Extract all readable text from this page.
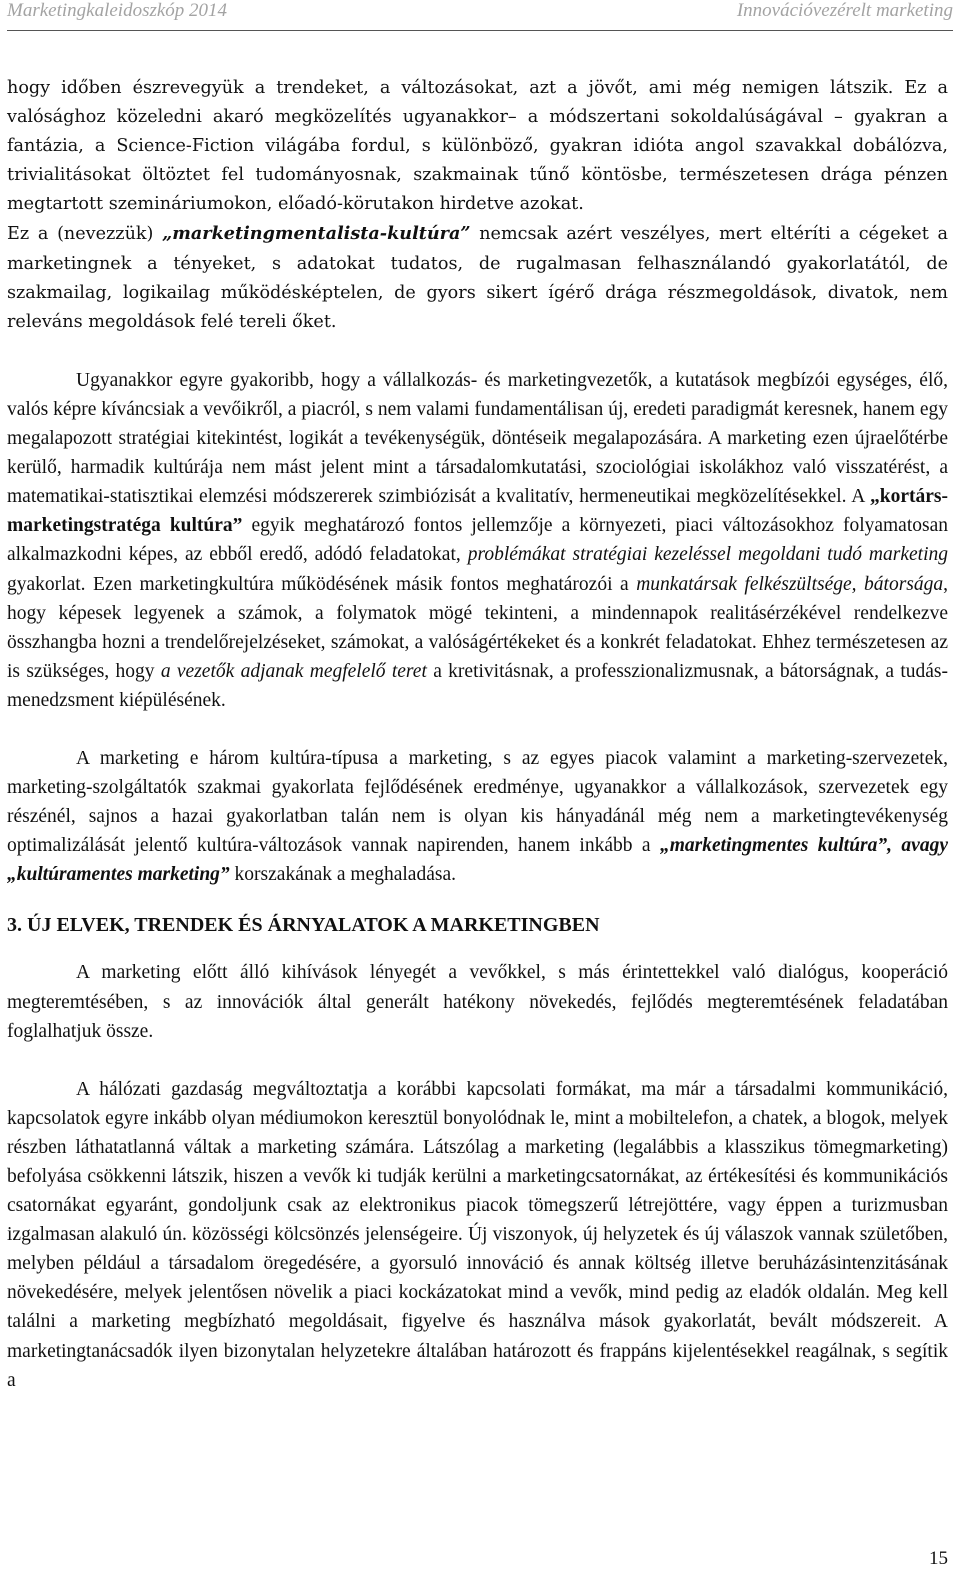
Marketingkaleidoszkóp 2014	Innovációvezérelt marketing

hogy időben észrevegyük a trendeket, a változásokat, azt a jövőt, ami még nemigen látszik. Ez a valósághoz közeledni akaró megközelítés ugyanakkor– a módszertani sokoldalúságával – gyakran a fantázia, a Science-Fiction világába fordul, s különböző, gyakran idióta angol szavakkal dobálózva, trivialitásokat öltöztet fel tudományosnak, szakmainak tűnő köntösbe, természetesen drága pénzen megtartott szemináriumokon, előadó-körutakon hirdetve azokat.

Ez a (nevezzük) „marketingmentalista-kultúra” nemcsak azért veszélyes, mert eltéríti a cégeket a marketingnek a tényeket, s adatokat tudatos, de rugalmasan felhasználandó gyakorlatától, de szakmailag, logikailag működésképtelen, de gyors sikert ígérő drága részmegoldások, divatok, nem releváns megoldások felé tereli őket.

Ugyanakkor egyre gyakoribb, hogy a vállalkozás- és marketingvezetők, a kutatások megbízói egységes, élő, valós képre kíváncsiak a vevőikről, a piacról, s nem valami fundamentálisan új, eredeti paradigmát keresnek, hanem egy megalapozott stratégiai kitekintést, logikát a tevékenységük, döntéseik megalapozására. A marketing ezen újraelőtérbe kerülő, harmadik kultúrája nem mást jelent mint a társadalomkutatási, szociológiai iskolákhoz való visszatérést, a matematikai-statisztikai elemzési módszererek szimbiózisát a kvalitatív, hermeneutikai megközelítésekkel. A „kortárs-marketingstratéga kultúra” egyik meghatározó fontos jellemzője a környezeti, piaci változásokhoz folyamatosan alkalmazkodni képes, az ebből eredő, adódó feladatokat, problémákat stratégiai kezeléssel megoldani tudó marketing gyakorlat. Ezen marketingkultúra működésének másik fontos meghatározói a munkatársak felkészültsége, bátorsága, hogy képesek legyenek a számok, a folymatok mögé tekinteni, a mindennapok realitásérzékével rendelkezve összhangba hozni a trendelőrejelzéseket, számokat, a valóságértékeket és a konkrét feladatokat. Ehhez természetesen az is szükséges, hogy a vezetők adjanak megfelelő teret a kretivitásnak, a professzionalizmusnak, a bátorságnak, a tudás-menedzsment kiépülésének.

A marketing e három kultúra-típusa a marketing, s az egyes piacok valamint a marketing-szervezetek, marketing-szolgáltatók szakmai gyakorlata fejlődésének eredménye, ugyanakkor a vállalkozások, szervezetek egy részénél, sajnos a hazai gyakorlatban talán nem is olyan kis hányadánál még nem a marketingtevékenység optimalizálását jelentő kultúra-változások vannak napirenden, hanem inkább a „marketingmentes kultúra”, avagy „kultúramentes marketing” korszakának a meghaladása.

3. ÚJ ELVEK, TRENDEK ÉS ÁRNYALATOK A MARKETINGBEN

A marketing előtt álló kihívások lényegét a vevőkkel, s más érintettekkel való dialógus, kooperáció megteremtésében, s az innovációk által generált hatékony növekedés, fejlődés megteremtésének feladatában foglalhatjuk össze.

A hálózati gazdaság megváltoztatja a korábbi kapcsolati formákat, ma már a társadalmi kommunikáció, kapcsolatok egyre inkább olyan médiumokon keresztül bonyolódnak le, mint a mobiltelefon, a chatek, a blogok, melyek részben láthatatlanná váltak a marketing számára. Látszólag a marketing (legalábbis a klasszikus tömegmarketing) befolyása csökkenni látszik, hiszen a vevők ki tudják kerülni a marketingcsatornákat, az értékesítési és kommunikációs csatornákat egyaránt, gondoljunk csak az elektronikus piacok tömegszerű létrejöttére, vagy éppen a turizmusban izgalmasan alakuló ún. közösségi kölcsönzés jelenségeire. Új viszonyok, új helyzetek és új válaszok vannak születőben, melyben például a társadalom öregedésére, a gyorsuló innováció és annak költség illetve beruházásintenzitásának növekedésére, melyek jelentősen növelik a piaci kockázatokat mind a vevők, mind pedig az eladók oldalán. Meg kell találni a marketing megbízható megoldásait, figyelve és használva mások gyakorlatát, bevált módszereit. A marketingtanácsadók ilyen bizonytalan helyzetekre általában határozott és frappáns kijelentésekkel reagálnak, s segítik a

15
